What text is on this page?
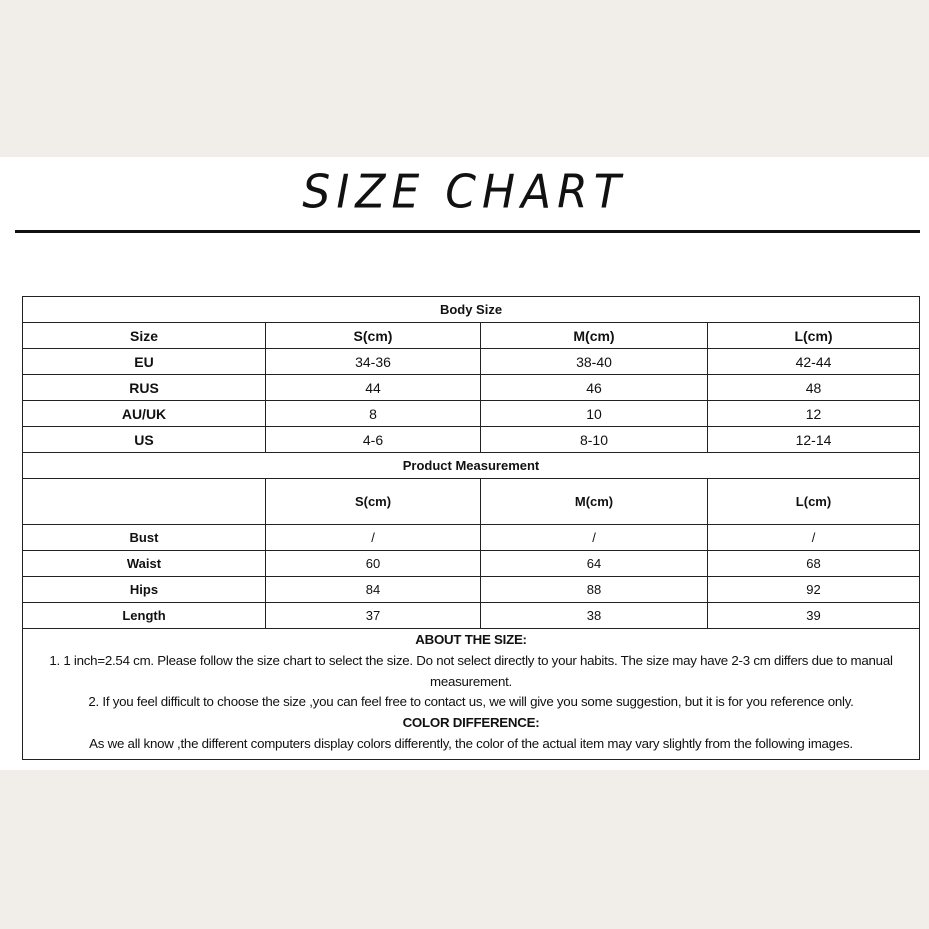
SIZE CHART
Body Size			
Size	S(cm)	M(cm)	L(cm)
EU	34-36	38-40	42-44
RUS	44	46	48
AU/UK	8	10	12
US	4-6	8-10	12-14
Product Measurement			
	S(cm)	M(cm)	L(cm)
Bust	/	/	/
Waist	60	64	68
Hips	84	88	92
Length	37	38	39

ABOUT THE SIZE:
1. 1 inch=2.54 cm. Please follow the size chart to select the size. Do not select directly to your habits. The size may have 2-3 cm differs due to manual measurement.
2. If you feel difficult to choose the size ,you can feel free to contact us, we will give you some suggestion, but it is for you reference only.
COLOR DIFFERENCE:
As we all know ,the different computers display colors differently, the color of the actual item may vary slightly from the following images.			
